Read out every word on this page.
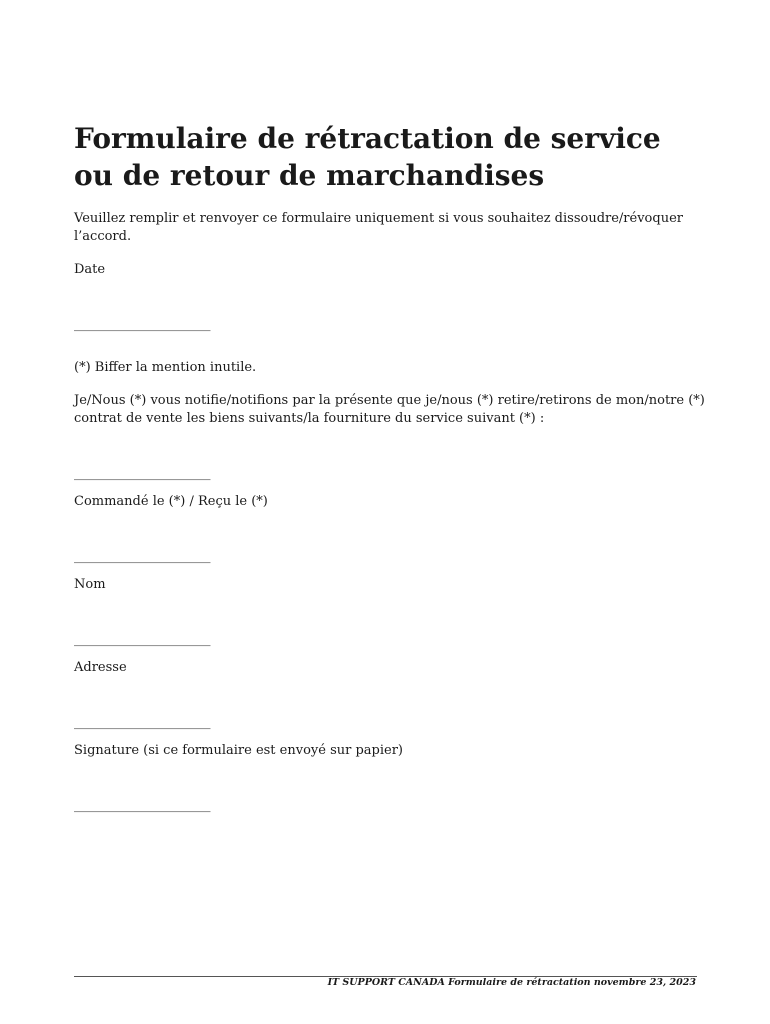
Formulaire de rétractation de service ou de retour de marchandises

Veuillez remplir et renvoyer ce formulaire uniquement si vous souhaitez dissoudre/révoquer l’accord.

Date

_____________________

(*) Biffer la mention inutile.

Je/Nous (*) vous notifie/notifions par la présente que je/nous (*) retire/retirons de mon/notre (*) contrat de vente les biens suivants/la fourniture du service suivant (*) :

_____________________

Commandé le (*) / Reçu le (*)

_____________________

Nom

_____________________

Adresse

_____________________

Signature (si ce formulaire est envoyé sur papier)

_____________________
IT SUPPORT CANADA Formulaire de rétractation novembre 23, 2023
